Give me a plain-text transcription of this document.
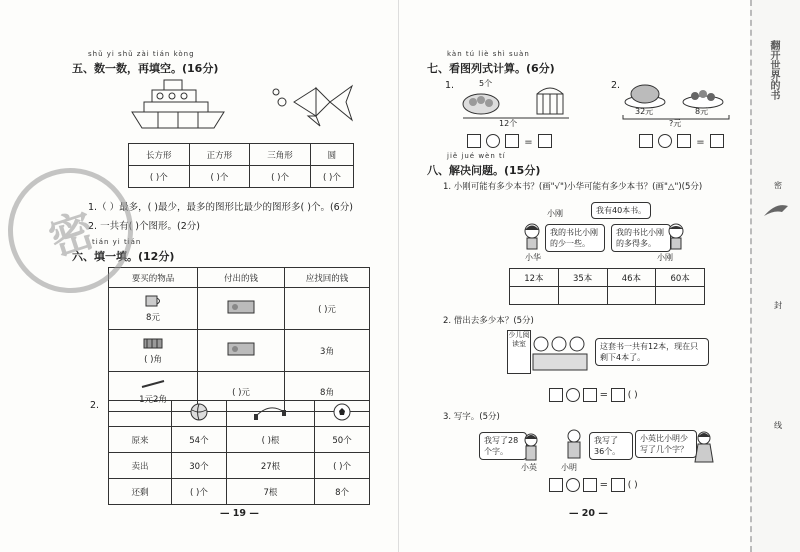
shǔ yi shǔ zài tián kòng
五、数一数，再填空。(16分)
长方形	正方形	三角形	圆
( )个	( )个	( )个	( )个
1.（ ）最多，( )最少，最多的图形比最少的图形多( )个。(6分)
2. 一共有( )个图形。(2分)
tián yi tián
六、填一填。(12分)
要买的物品	付出的钱	应找回的钱

8元		( )元

( )角		3角

1元2角	( )元	8角
2.

原来	54个	( )根	50个
卖出	30个	27根	( )个
还剩	( )个	7根	8个
密
— 19 —
kàn tú liè shì suàn
七、看图列式计算。(6分)
1.	5个
12个
=
2.
32元	8元
?元
=
jiě jué wèn tí
八、解决问题。(15分)
1. 小刚可能有多少本书？(画"√")小华可能有多少本书？(画"△")(5分)
小刚	我有40本书。
我的书比小刚的少一些。
我的书比小刚的多得多。
小华	小刚
12本	35本	46本	60本

2. 借出去多少本？(5分)
少儿阅读室	这套书一共有12本，现在只剩下4本了。
= ( )
3. 写字。(5分)
我写了28个字。
我写了36个。
小英比小明少写了几个字？
小英	小明
= ( )
— 20 —
翻开世界的书
密
封
线
